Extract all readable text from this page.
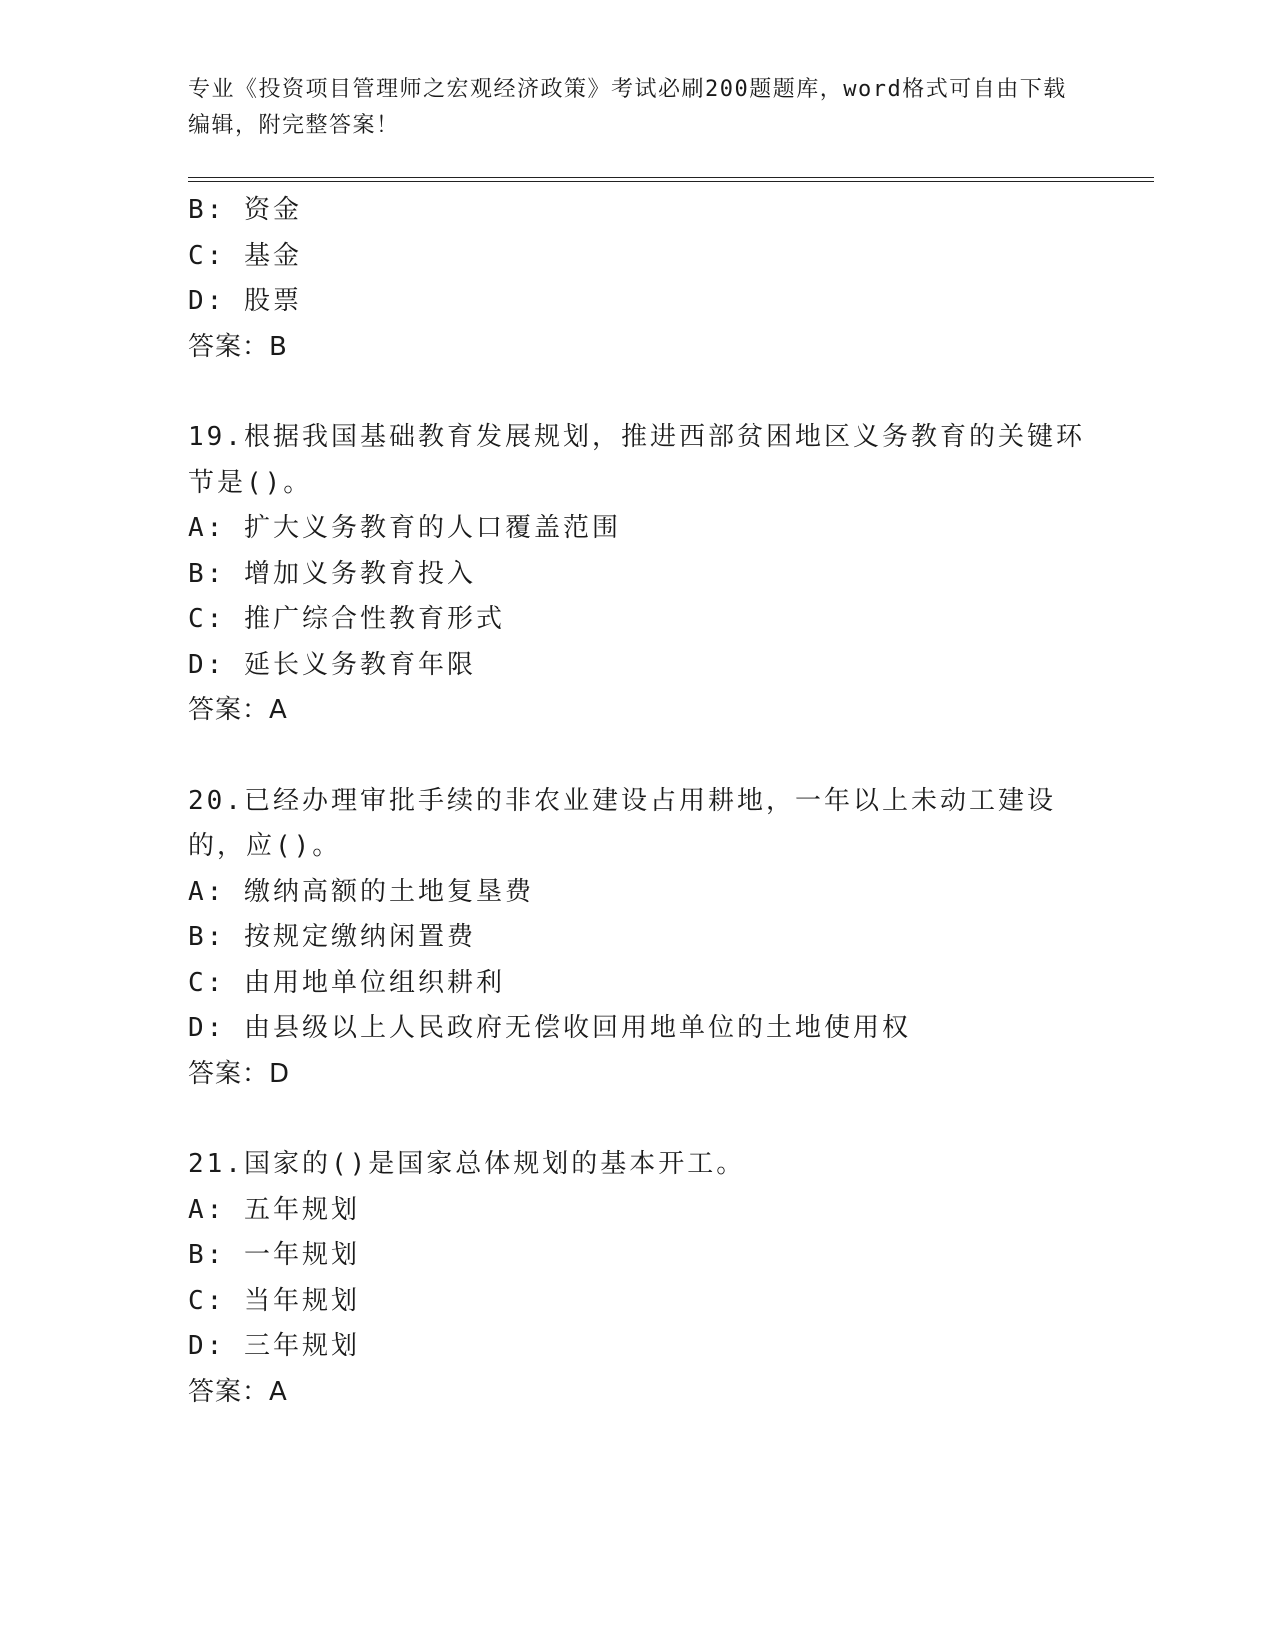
专业《投资项目管理师之宏观经济政策》考试必刷200题题库，word格式可自由下载编辑，附完整答案！
B: 资金
C: 基金
D: 股票
答案：B
19.根据我国基础教育发展规划，推进西部贫困地区义务教育的关键环节是()。
A: 扩大义务教育的人口覆盖范围
B: 增加义务教育投入
C: 推广综合性教育形式
D: 延长义务教育年限
答案：A
20.已经办理审批手续的非农业建设占用耕地，一年以上未动工建设的，应()。
A: 缴纳高额的土地复垦费
B: 按规定缴纳闲置费
C: 由用地单位组织耕利
D: 由县级以上人民政府无偿收回用地单位的土地使用权
答案：D
21.国家的()是国家总体规划的基本开工。
A: 五年规划
B: 一年规划
C: 当年规划
D: 三年规划
答案：A
